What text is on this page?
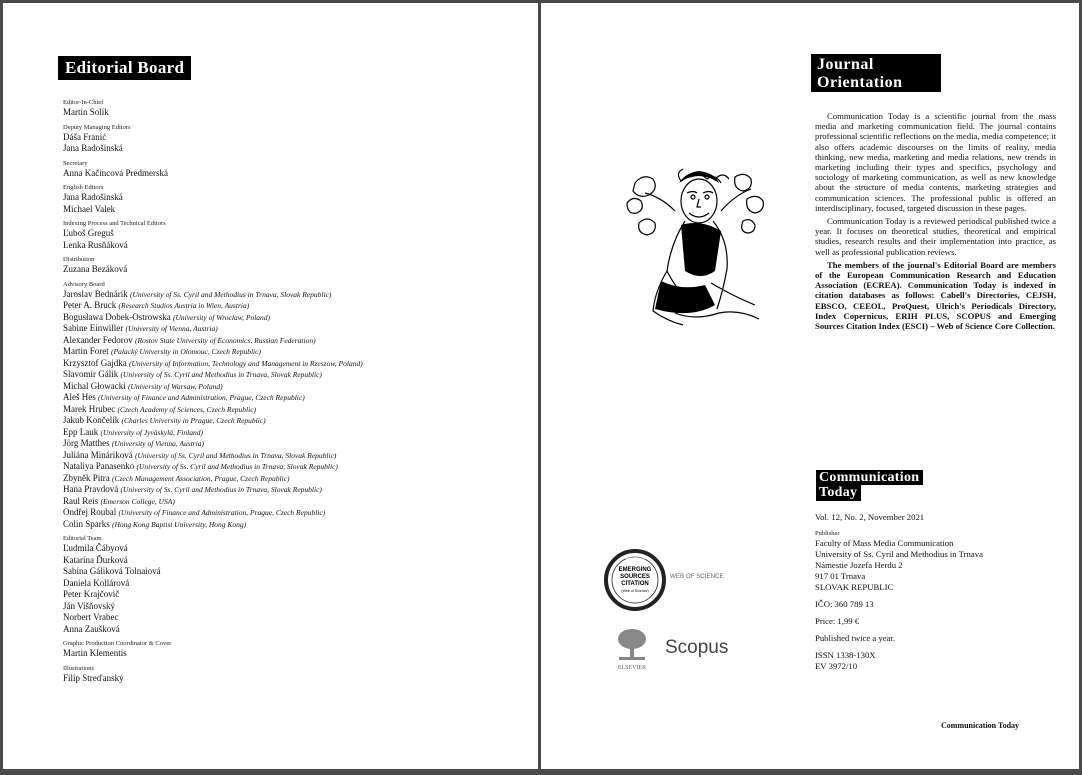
Editorial Board
Editor-In-Chief
Martin Solík
Deputy Managing Editors
Dáša Franić
Jana Radošinská
Secretary
Anna Kačincová Predmerská
English Editors
Jana Radošinská
Michael Valek
Indexing Process and Technical Editors
Ľuboš Greguš
Lenka Rusňáková
Distribution
Zuzana Bezáková
Advisory Board
Jaroslav Bednárik (University of Ss. Cyril and Methodius in Trnava, Slovak Republic)
Peter A. Bruck (Research Studios Austria in Wien, Austria)
Bogusława Dobek-Ostrowska (University of Wroclaw, Poland)
Sabine Einwiller (University of Vienna, Austria)
Alexander Fedorov (Rostov State University of Economics, Russian Federation)
Martin Foret (Palacký University in Olomouc, Czech Republic)
Krzysztof Gajdka (University of Information, Technology and Management in Rzeszow, Poland)
Slavomír Gálik (University of Ss. Cyril and Methodius in Trnava, Slovak Republic)
Michal Głowacki (University of Warsaw, Poland)
Aleš Hes (University of Finance and Administration, Prague, Czech Republic)
Marek Hrubec (Czech Academy of Sciences, Czech Republic)
Jakub Končelík (Charles University in Prague, Czech Republic)
Epp Lauk (University of Jyväskylä, Finland)
Jörg Matthes (University of Vienna, Austria)
Juliána Mináriková (University of Ss. Cyril and Methodius in Trnava, Slovak Republic)
Nataliya Panasenko (University of Ss. Cyril and Methodius in Trnava, Slovak Republic)
Zbyněk Pitra (Czech Management Association, Prague, Czech Republic)
Hana Pravdová (University of Ss. Cyril and Methodius in Trnava, Slovak Republic)
Raul Reis (Emerson College, USA)
Ondřej Roubal (University of Finance and Administration, Prague, Czech Republic)
Colin Sparks (Hong Kong Baptist University, Hong Kong)
Editorial Team
Ľudmila Čábyová
Katarína Ďurková
Sabína Gáliková Tolnaiová
Daniela Kollárová
Peter Krajčovič
Ján Višňovský
Norbert Vrabec
Anna Zaušková
Graphic Production Coordinator & Cover
Martin Klementis
Illustrations
Filip Streďanský
Journal
Orientation

Communication Today is a scientific journal from the mass media and marketing communication field. The journal contains professional scientific reflections on the media, media competence; it also offers academic discourses on the limits of reality, media thinking, new media, marketing and media relations, new trends in marketing including their types and specifics, psychology and sociology of marketing communication, as well as new knowledge about the structure of media contents, marketing strategies and communication sciences. The professional public is offered an interdisciplinary, focused, targeted discussion in these pages.

Communication Today is a reviewed periodical published twice a year. It focuses on theoretical studies, theoretical and empirical studies, research results and their implementation into practice, as well as professional publication reviews.

The members of the journal's Editorial Board are members of the European Communication Research and Education Association (ECREA). Communication Today is indexed in citation databases as follows: Cabell's Directories, CEJSH, EBSCO, CEEOL, ProQuest, Ulrich's Periodicals Directory, Index Copernicus, ERIH PLUS, SCOPUS and Emerging Sources Citation Index (ESCI) – Web of Science Core Collection.

Communication
Today
Vol. 12, No. 2, November 2021
Publisher
Faculty of Mass Media Communication
University of Ss. Cyril and Methodius in Trnava
Námestie Jozefa Herdu 2
917 01 Trnava
SLOVAK REPUBLIC
IČO: 360 789 13
Price: 1,99 €
Published twice a year.
ISSN 1338-130X
EV 3972/10
INDEXED IN
EMERGING
SOURCES
CITATION
(Web of Science)
WEB OF SCIENCE
ELSEVIER
Scopus
Communication Today
